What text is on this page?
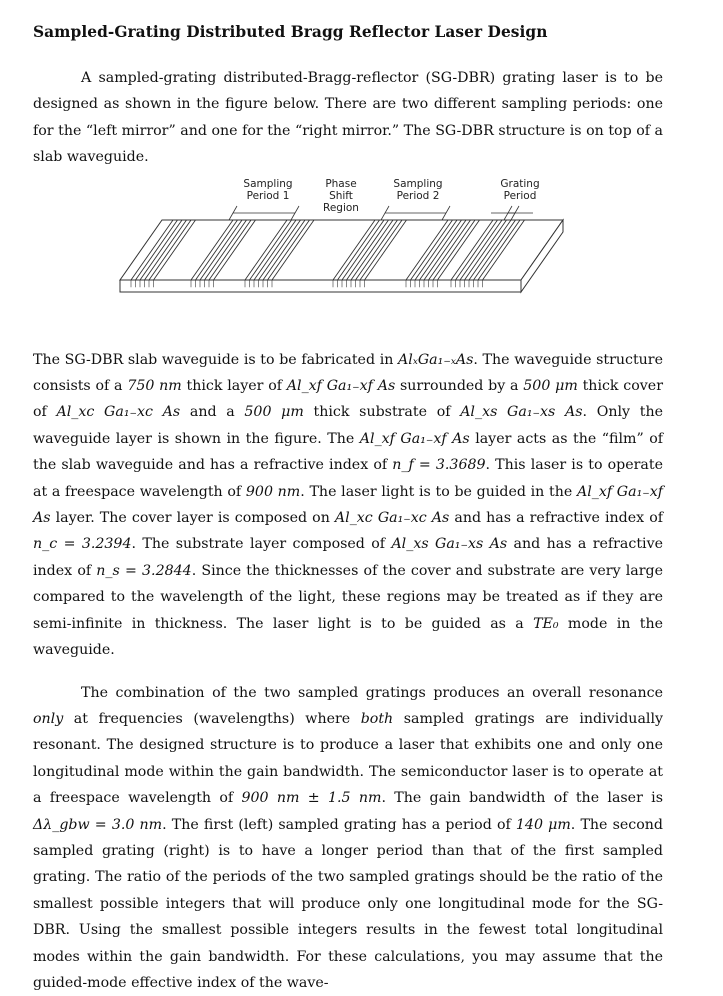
Sampled-Grating Distributed Bragg Reflector Laser Design

A sampled-grating distributed-Bragg-reflector (SG-DBR) grating laser is to be designed as shown in the figure below. There are two different sampling periods: one for the “left mirror” and one for the “right mirror.” The SG-DBR structure is on top of a slab waveguide.

Sampling
Period 1
Phase
Shift
Region
Sampling
Period 2
Grating
Period

The SG-DBR slab waveguide is to be fabricated in AlₓGa₁₋ₓAs. The waveguide structure consists of a 750 nm thick layer of Al_xf Ga₁₋xf As surrounded by a 500 μm thick cover of Al_xc Ga₁₋xc As and a 500 μm thick substrate of Al_xs Ga₁₋xs As. Only the waveguide layer is shown in the figure. The Al_xf Ga₁₋xf As layer acts as the “film” of the slab waveguide and has a refractive index of n_f = 3.3689. This laser is to operate at a freespace wavelength of 900 nm. The laser light is to be guided in the Al_xf Ga₁₋xf As layer. The cover layer is composed on Al_xc Ga₁₋xc As and has a refractive index of n_c = 3.2394. The substrate layer composed of Al_xs Ga₁₋xs As and has a refractive index of n_s = 3.2844. Since the thicknesses of the cover and substrate are very large compared to the wavelength of the light, these regions may be treated as if they are semi-infinite in thickness. The laser light is to be guided as a TE₀ mode in the waveguide.

The combination of the two sampled gratings produces an overall resonance only at frequencies (wavelengths) where both sampled gratings are individually resonant. The designed structure is to produce a laser that exhibits one and only one longitudinal mode within the gain bandwidth. The semiconductor laser is to operate at a freespace wavelength of 900 nm ± 1.5 nm. The gain bandwidth of the laser is Δλ_gbw = 3.0 nm. The first (left) sampled grating has a period of 140 μm. The second sampled grating (right) is to have a longer period than that of the first sampled grating. The ratio of the periods of the two sampled gratings should be the ratio of the smallest possible integers that will produce only one longitudinal mode for the SG-DBR. Using the smallest possible integers results in the fewest total longitudinal modes within the gain bandwidth. For these calculations, you may assume that the guided-mode effective index of the wave-
